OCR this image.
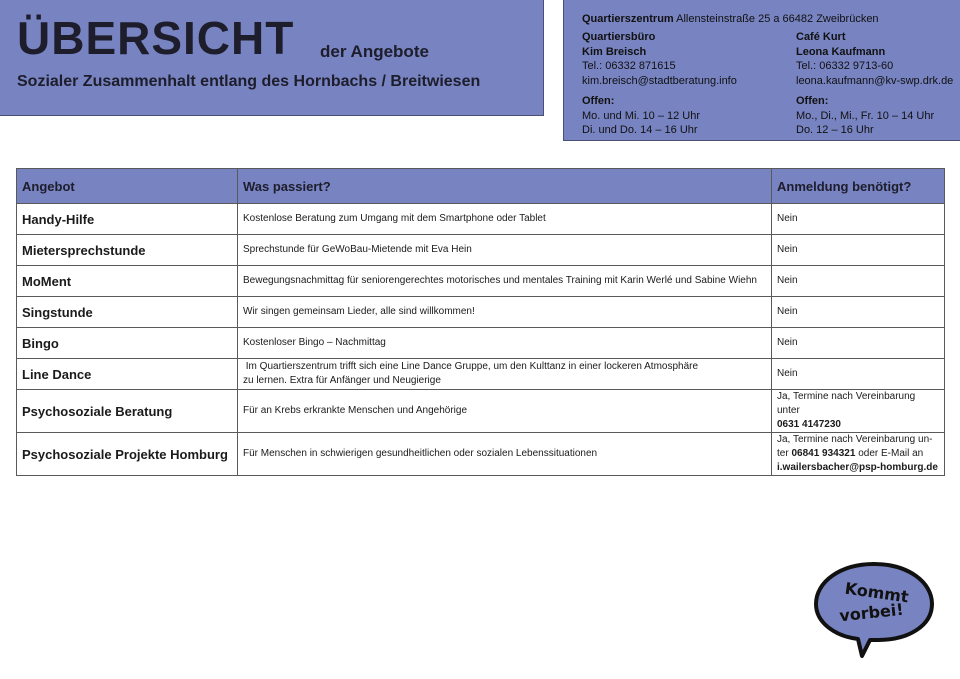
ÜBERSICHT der Angebote
Sozialer Zusammenhalt entlang des Hornbachs / Breitwiesen
Quartierszentrum Allensteinstraße 25 a 66482 Zweibrücken
Quartiersbüro
Kim Breisch
Tel.: 06332 871615
kim.breisch@stadtberatung.info
Offen:
Mo. und Mi. 10 – 12 Uhr
Di. und Do. 14 – 16 Uhr
Café Kurt
Leona Kaufmann
Tel.: 06332 9713-60
leona.kaufmann@kv-swp.drk.de
Offen:
Mo., Di., Mi., Fr. 10 – 14 Uhr
Do. 12 – 16 Uhr
Angebot	Was passiert?	Anmeldung benötigt?
Handy-Hilfe	Kostenlose Beratung zum Umgang mit dem Smartphone oder Tablet	Nein
Mietersprechstunde	Sprechstunde für GeWoBau-Mietende mit Eva Hein	Nein
MoMent	Bewegungsnachmittag für seniorengerechtes motorisches und mentales Training mit Karin Werlé und Sabine Wiehn	Nein
Singstunde	Wir singen gemeinsam Lieder, alle sind willkommen!	Nein
Bingo	Kostenloser Bingo – Nachmittag	Nein
Line Dance	Im Quartierszentrum trifft sich eine Line Dance Gruppe, um den Kulttanz in einer lockeren Atmosphäre
zu lernen. Extra für Anfänger und Neugierige	Nein
Psychosoziale Beratung	Für an Krebs erkrankte Menschen und Angehörige	Ja, Termine nach Vereinbarung unter
0631 4147230

Psychosoziale Projekte Homburg	Für Menschen in schwierigen gesundheitlichen oder sozialen Lebenssituationen	Ja, Termine nach Vereinbarung un-
ter 06841 934321 oder E-Mail an
i.wailersbacher@psp-homburg.de
Kommt
vorbei!
